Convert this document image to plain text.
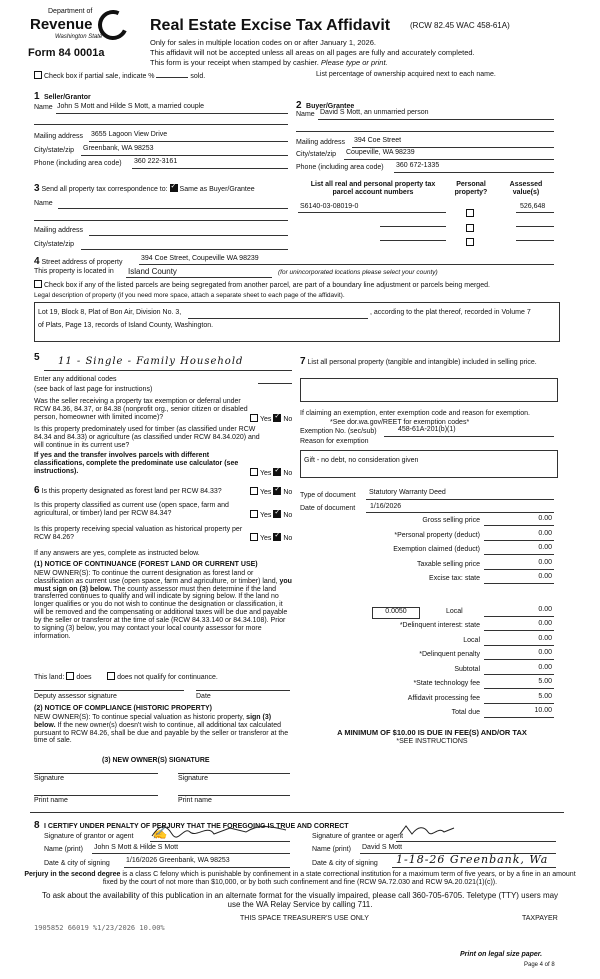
Department of
Revenue
Washington State
Form 84 0001a
Real Estate Excise Tax Affidavit (RCW 82.45 WAC 458-61A)
Only for sales in multiple location codes on or after January 1, 2026.
This affidavit will not be accepted unless all areas on all pages are fully and accurately completed.
This form is your receipt when stamped by cashier. Please type or print.
Check box if partial sale, indicate %	sold.	List percentage of ownership acquired next to each name.
1 Seller/Grantor
Name John S Mott and Hilde S Mott, a married couple
Mailing address 3655 Lagoon View Drive
City/state/zip Greenbank, WA 98253
Phone (including area code) 360 222-3161
2 Buyer/Grantee
Name David S Mott, an unmarried person
Mailing address 394 Coe Street
City/state/zip Coupeville, WA 98239
Phone (including area code) 360 672-1335
3 Send all property tax correspondence to: ✓ Same as Buyer/Grantee
Name
Mailing address
City/state/zip
List all real and personal property tax
parcel account numbers
Personal
property?
Assessed
value(s)
S6140-03-08019-0	526,648
4 Street address of property
394 Coe Street, Coupeville WA 98239
This property is located in Island County	(for unincorporated locations please select your county)
Check box if any of the listed parcels are being segregated from another parcel, are part of a boundary line adjustment or parcels being merged.
Legal description of property (if you need more space, attach a separate sheet to each page of the affidavit).
Lot 19, Block 8, Plat of Bon Air, Division No. 3,	, according to the plat thereof, recorded in Volume 7
of Plats, Page 13, records of Island County, Washington.
5 11 - Single - Family Household
Enter any additional codes
(see back of last page for instructions)
Was the seller receiving a property tax exemption or deferral under RCW 84.36, 84.37, or 84.38 (nonprofit org., senior citizen or disabled person, homeowner with limited income)?	Yes ✓ No
Is this property predominately used for timber (as classified under RCW 84.34 and 84.33) or agriculture (as classified under RCW 84.34.020) and will continue in its current use?
If yes and the transfer involves parcels with different classifications, complete the predominate use calculator (see instructions).	Yes ✓ No
6 Is this property designated as forest land per RCW 84.33?	Yes ✓ No
Is this property classified as current use (open space, farm and agricultural, or timber) land per RCW 84.34?	Yes ✓ No
Is this property receiving special valuation as historical property per RCW 84.26?	Yes ✓ No
If any answers are yes, complete as instructed below.
(1) NOTICE OF CONTINUANCE (FOREST LAND OR CURRENT USE)
NEW OWNER(S): To continue the current designation as forest land or classification as current use (open space, farm and agriculture, or timber) land, you must sign on (3) below. The county assessor must then determine if the land transferred continues to qualify and will indicate by signing below. If the land no longer qualifies or you do not wish to continue the designation or classification, it will be removed and the compensating or additional taxes will be due and payable by the seller or transferor at the time of sale (RCW 84.33.140 or 84.34.108). Prior to signing (3) below, you may contact your local county assessor for more information.
This land: does	does not qualify for continuance.
Deputy assessor signature	Date
(2) NOTICE OF COMPLIANCE (HISTORIC PROPERTY)
NEW OWNER(S): To continue special valuation as historic property, sign (3) below. If the new owner(s) doesn't wish to continue, all additional tax calculated pursuant to RCW 84.26, shall be due and payable by the seller or transferor at the time of sale.
(3) NEW OWNER(S) SIGNATURE
Signature	Signature
Print name	Print name
7 List all personal property (tangible and intangible) included in selling price.
If claiming an exemption, enter exemption code and reason for exemption.
*See dor.wa.gov/REET for exemption codes*
Exemption No. (sec/sub)	458-61A-201(b)(1)
Reason for exemption
Gift - no debt, no consideration given
Type of document Statutory Warranty Deed
Date of document 1/16/2026
Gross selling price	0.00
*Personal property (deduct)	0.00
Exemption claimed (deduct)	0.00
Taxable selling price	0.00
Excise tax: state	0.00
0.0050	Local	0.00
*Delinquent interest: state	0.00
Local	0.00
*Delinquent penalty	0.00
Subtotal	0.00
*State technology fee	5.00
Affidavit processing fee	5.00
Total due	10.00
A MINIMUM OF $10.00 IS DUE IN FEE(S) AND/OR TAX
*SEE INSTRUCTIONS
8 I CERTIFY UNDER PENALTY OF PERJURY THAT THE FOREGOING IS TRUE AND CORRECT
Signature of grantor or agent ✍
Name (print) John S Mott & Hilde S Mott
Date & city of signing 1/16/2026 Greenbank, WA 98253
Signature of grantee or agent
Name (print) David S Mott
Date & city of signing 1-18-26 Greenbank, Wa
Perjury in the second degree is a class C felony which is punishable by confinement in a state correctional institution for a maximum term of five years, or by a fine in an amount fixed by the court of not more than $10,000, or by both such confinement and fine (RCW 9A.72.030 and RCW 9A.20.021(1)(c)).
To ask about the availability of this publication in an alternate format for the visually impaired, please call 360-705-6705. Teletype (TTY) users may use the WA Relay Service by calling 711.
THIS SPACE TREASURER'S USE ONLY	TAXPAYER
1905852 66019 %1/23/2026 10.00%
Print on legal size paper.
Page 4 of 8
